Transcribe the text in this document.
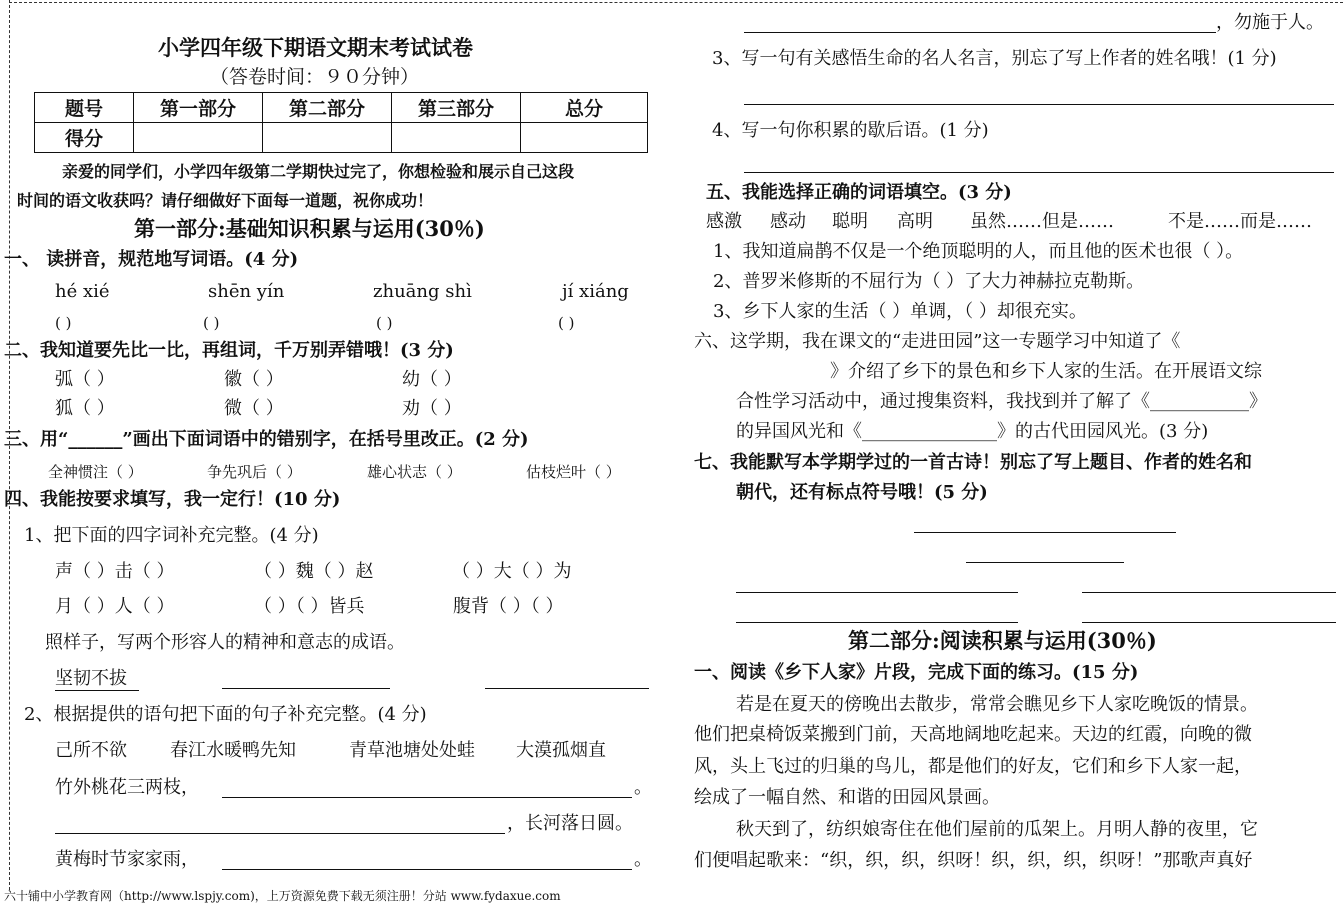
小学四年级下期语文期末考试试卷
（答卷时间：９０分钟）
题号	第一部分	第二部分	第三部分	总分
得分				
亲爱的同学们，小学四年级第二学期快过完了，你想检验和展示自己这段
时间的语文收获吗？请仔细做好下面每一道题，祝你成功！
第一部分:基础知识积累与运用(30％)
一、 读拼音，规范地写词语。(4 分)
hé xié	shēn yín	zhuāng shì	jí xiáng
( )	( )	( )	( )
二、我知道要先比一比，再组词，千万别弄错哦！(3 分)
弧（ ）	徽（ ）	幼（ ）
狐（ ）	微（ ）	劝（ ）
三、用“______”画出下面词语中的错别字，在括号里改正。(2 分)
全神惯注（ ）	争先巩后（ ）	雄心状志（ ）	估枝烂叶（ ）
四、我能按要求填写，我一定行！(10 分)
1、把下面的四字词补充完整。(4 分)
声（ ）击（ ）	（ ）魏（ ）赵	（ ）大（ ）为
月（ ）人（ ）	（ ）（ ）皆兵	腹背（ ）（ ）
照样子，写两个形容人的精神和意志的成语。
坚韧不拔
2、根据提供的语句把下面的句子补充完整。(4 分)
己所不欲 春江水暖鸭先知	青草池塘处处蛙 大漠孤烟直
竹外桃花三两枝，	。
，长河落日圆。
黄梅时节家家雨，	。
，勿施于人。
3、写一句有关感悟生命的名人名言，别忘了写上作者的姓名哦！(1 分)
4、写一句你积累的歇后语。(1 分)
五、我能选择正确的词语填空。(3 分)
感激 感动 聪明 高明 虽然……但是……	不是……而是……
1、我知道扁鹊不仅是一个绝顶聪明的人，而且他的医术也很（ ）。
2、普罗米修斯的不屈行为（ ）了大力神赫拉克勒斯。
3、乡下人家的生活（ ）单调，（ ）却很充实。
六、这学期，我在课文的“走进田园”这一专题学习中知道了《
》介绍了乡下的景色和乡下人家的生活。在开展语文综
合性学习活动中，通过搜集资料，我找到并了解了《___________》
的异国风光和《_______________》的古代田园风光。(3 分)
七、我能默写本学期学过的一首古诗！别忘了写上题目、作者的姓名和
朝代，还有标点符号哦！(5 分)
第二部分:阅读积累与运用(30％)
一、阅读《乡下人家》片段，完成下面的练习。(15 分)
若是在夏天的傍晚出去散步，常常会瞧见乡下人家吃晚饭的情景。
他们把桌椅饭菜搬到门前，天高地阔地吃起来。天边的红霞，向晚的微
风，头上飞过的归巢的鸟儿，都是他们的好友，它们和乡下人家一起，
绘成了一幅自然、和谐的田园风景画。
秋天到了，纺织娘寄住在他们屋前的瓜架上。月明人静的夜里，它
们便唱起歌来：“织，织，织，织呀！织，织，织，织呀！”那歌声真好
六十铺中小学教育网（http://www.lspjy.com)，上万资源免费下载无须注册！分站 www.fydaxue.com
